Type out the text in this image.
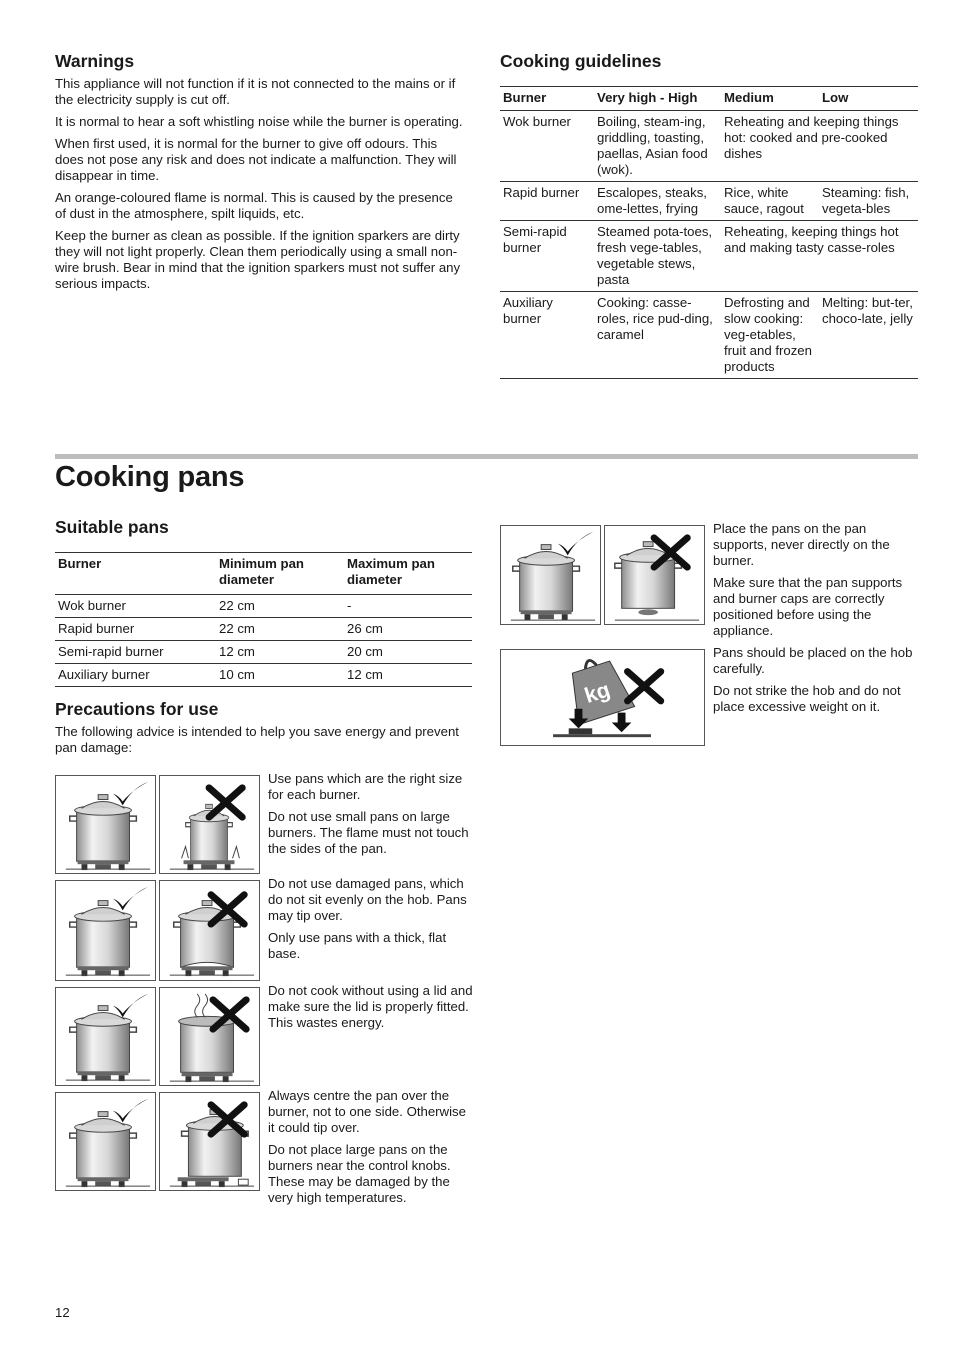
Warnings

This appliance will not function if it is not connected to the mains or if the electricity supply is cut off.

It is normal to hear a soft whistling noise while the burner is operating.

When first used, it is normal for the burner to give off odours. This does not pose any risk and does not indicate a malfunction. They will disappear in time.

An orange-coloured flame is normal. This is caused by the presence of dust in the atmosphere, spilt liquids, etc.

Keep the burner as clean as possible. If the ignition sparkers are dirty they will not light properly. Clean them periodically using a small non-wire brush. Bear in mind that the ignition sparkers must not suffer any serious impacts.

Cooking guidelines
Burner	Very high - High	Medium	Low
Wok burner	Boiling, steam-ing, griddling, toasting, paellas, Asian food (wok).	Reheating and keeping things hot: cooked and pre-cooked dishes	
Rapid burner	Escalopes, steaks, ome-lettes, frying	Rice, white sauce, ragout	Steaming: fish, vegeta-bles
Semi-rapid burner	Steamed pota-toes, fresh vege-tables, vegetable stews, pasta	Reheating, keeping things hot and making tasty casse-roles	
Auxiliary burner	Cooking: casse-roles, rice pud-ding, caramel	Defrosting and slow cooking: veg-etables, fruit and frozen products	Melting: but-ter, choco-late, jelly
Cooking pans
Suitable pans
Burner	Minimum pan diameter	Maximum pan diameter
Wok burner	22 cm	-
Rapid burner	22 cm	26 cm
Semi-rapid burner	12 cm	20 cm
Auxiliary burner	10 cm	12 cm
Precautions for use

The following advice is intended to help you save energy and prevent pan damage:

Use pans which are the right size for each burner.

Do not use small pans on large burners. The flame must not touch the sides of the pan.

Do not use damaged pans, which do not sit evenly on the hob. Pans may tip over.

Only use pans with a thick, flat base.

Do not cook without using a lid and make sure the lid is properly fitted. This wastes energy.

Always centre the pan over the burner, not to one side. Otherwise it could tip over.

Do not place large pans on the burners near the control knobs. These may be damaged by the very high temperatures.

kg

Place the pans on the pan supports, never directly on the burner.

Make sure that the pan supports and burner caps are correctly positioned before using the appliance.

Pans should be placed on the hob carefully.

Do not strike the hob and do not place excessive weight on it.

12
